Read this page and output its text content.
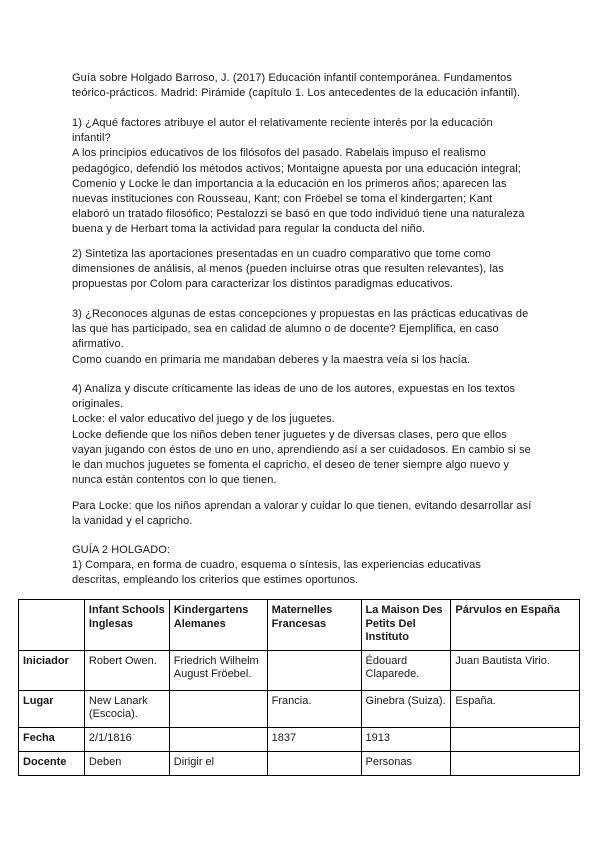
Guía sobre Holgado Barroso, J. (2017) Educación infantil contemporánea. Fundamentos teórico-prácticos. Madrid: Pirámide (capítulo 1. Los antecedentes de la educación infantil).

1) ¿Aqué factores atribuye el autor el relativamente reciente interés por la educación infantil?

A los principios educativos de los filósofos del pasado. Rabelais impuso el realismo pedagógico, defendió los métodos activos; Montaigne apuesta por una educación integral; Comenio y Locke le dan importancia a la educación en los primeros años; aparecen las nuevas instituciones con Rousseau, Kant; con Fröebel se toma el kindergarten; Kant elaboró un tratado filosófico; Pestalozzi se basó en que todo individuó tiene una naturaleza buena y de Herbart toma la actividad para regular la conducta del niño.

2) Sintetiza las aportaciones presentadas en un cuadro comparativo que tome como dimensiones de análisis, al menos (pueden incluirse otras que resulten relevantes), las propuestas por Colom para caracterizar los distintos paradigmas educativos.

3) ¿Reconoces algunas de estas concepciones y propuestas en las prácticas educativas de las que has participado, sea en calidad de alumno o de docente? Ejemplifica, en caso afirmativo.

Como cuando en primaria me mandaban deberes y la maestra veía si los hacía.

4) Analiza y discute críticamente las ideas de uno de los autores, expuestas en los textos originales.

Locke: el valor educativo del juego y de los juguetes.

Locke defiende que los niños deben tener juguetes y de diversas clases, pero que ellos vayan jugando con éstos de uno en uno, aprendiendo así a ser cuidadosos. En cambio si se le dan muchos juguetes se fomenta el capricho, el deseo de tener siempre algo nuevo y nunca están contentos con lo que tienen.

Para Locke: que los niños aprendan a valorar y cuidar lo que tienen, evitando desarrollar así la vanidad y el capricho.

GUÍA 2 HOLGADO:

1) Compara, en forma de cuadro, esquema o síntesis, las experiencias educativas descritas, empleando los criterios que estimes oportunos.

	Infant Schools Inglesas	Kindergartens Alemanes	Maternelles Francesas	La Maison Des Petits Del Instituto	Párvulos en España
Iniciador	Robert Owen.	Friedrich Wilhelm August Fröebel.		Édouard Claparede.	Juan Bautista Virio.
Lugar	New Lanark (Escocia).		Francia.	Ginebra (Suiza).	España.
Fecha	2/1/1816		1837	1913	
Docente	Deben	Dirigir el		Personas	
